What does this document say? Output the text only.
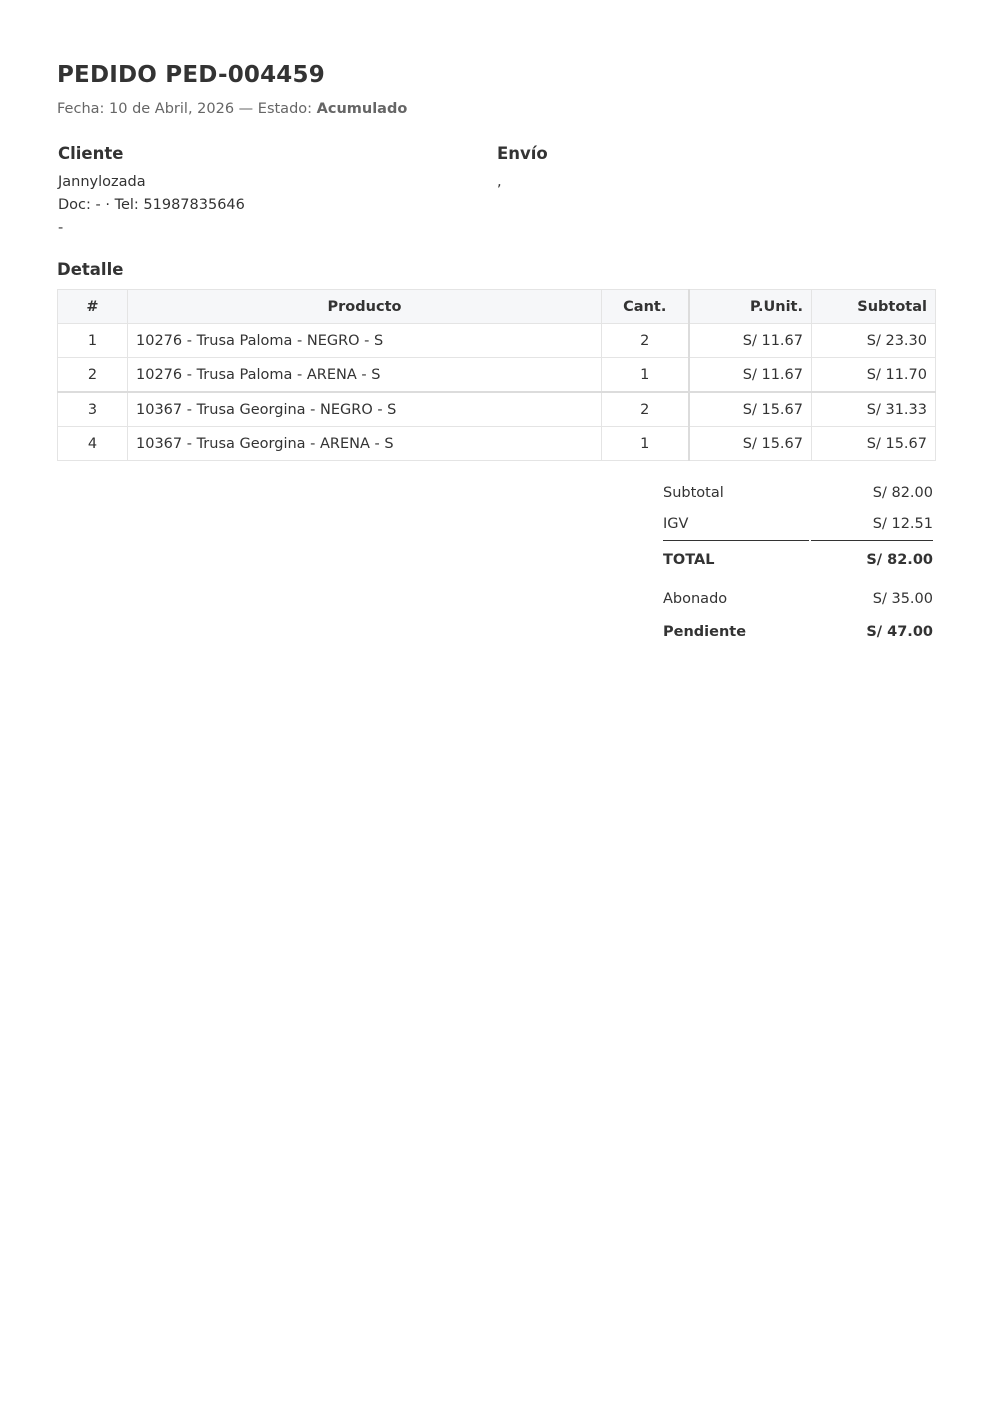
PEDIDO PED-004459
Fecha: 10 de Abril, 2026 — Estado: Acumulado
Cliente
Jannylozada
Doc: - · Tel: 51987835646
-
Envío
,
Detalle
#	Producto	Cant.	P.Unit.	Subtotal
1	10276 - Trusa Paloma - NEGRO - S	2	S/ 11.67	S/ 23.30
2	10276 - Trusa Paloma - ARENA - S	1	S/ 11.67	S/ 11.70
3	10367 - Trusa Georgina - NEGRO - S	2	S/ 15.67	S/ 31.33
4	10367 - Trusa Georgina - ARENA - S	1	S/ 15.67	S/ 15.67
Subtotal	S/ 82.00
IGV	S/ 12.51
TOTAL	S/ 82.00
Abonado	S/ 35.00
Pendiente	S/ 47.00
